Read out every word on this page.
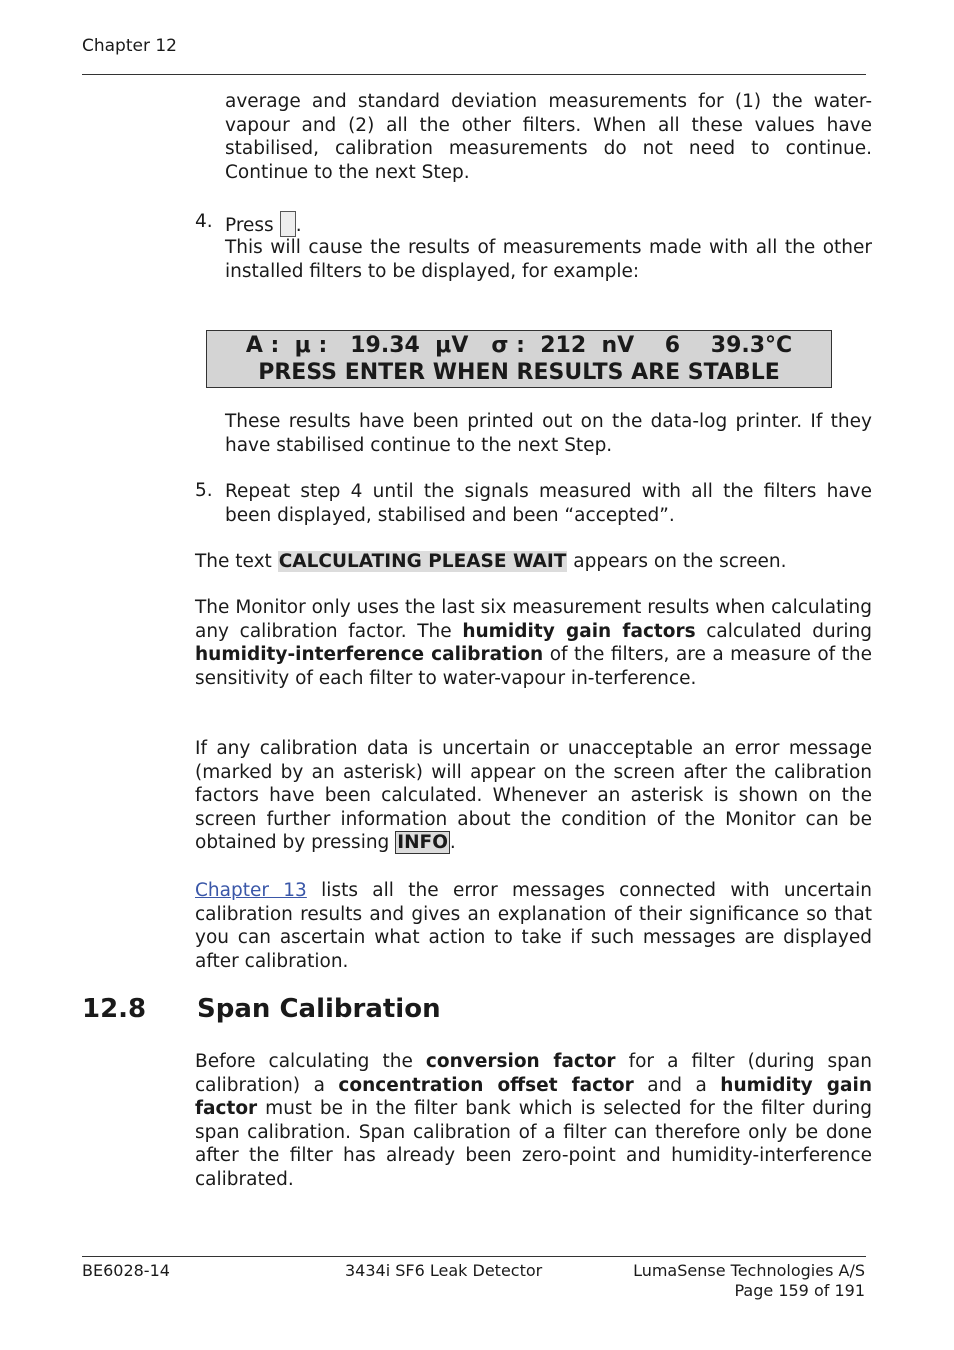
Chapter 12
average and standard deviation measurements for (1) the water-vapour and (2) all the other filters. When all these values have stabilised, calibration measurements do not need to continue. Continue to the next Step.
4. Press .
This will cause the results of measurements made with all the other installed filters to be displayed, for example:
A :  μ :   19.34  μV   σ :  212  nV    6    39.3°C
PRESS ENTER WHEN RESULTS ARE STABLE
These results have been printed out on the data-log printer. If they have stabilised continue to the next Step.
5. Repeat step 4 until the signals measured with all the filters have been displayed, stabilised and been “accepted”.
The text CALCULATING PLEASE WAIT appears on the screen.
The Monitor only uses the last six measurement results when calculating any calibration factor. The humidity gain factors calculated during humidity-interference calibration of the filters, are a measure of the sensitivity of each filter to water-vapour in-terference.
If any calibration data is uncertain or unacceptable an error message (marked by an asterisk) will appear on the screen after the calibration factors have been calculated. Whenever an asterisk is shown on the screen further information about the condition of the Monitor can be obtained by pressing INFO .
Chapter 13 lists all the error messages connected with uncertain calibration results and gives an explanation of their significance so that you can ascertain what action to take if such messages are displayed after calibration.
12.8 Span Calibration
Before calculating the conversion factor for a filter (during span calibration) a concentration offset factor and a humidity gain factor must be in the filter bank which is selected for the filter during span calibration. Span calibration of a filter can therefore only be done after the filter has already been zero-point and humidity-interference calibrated.
BE6028-14	3434i SF6 Leak Detector	LumaSense Technologies A/S
Page 159 of 191
